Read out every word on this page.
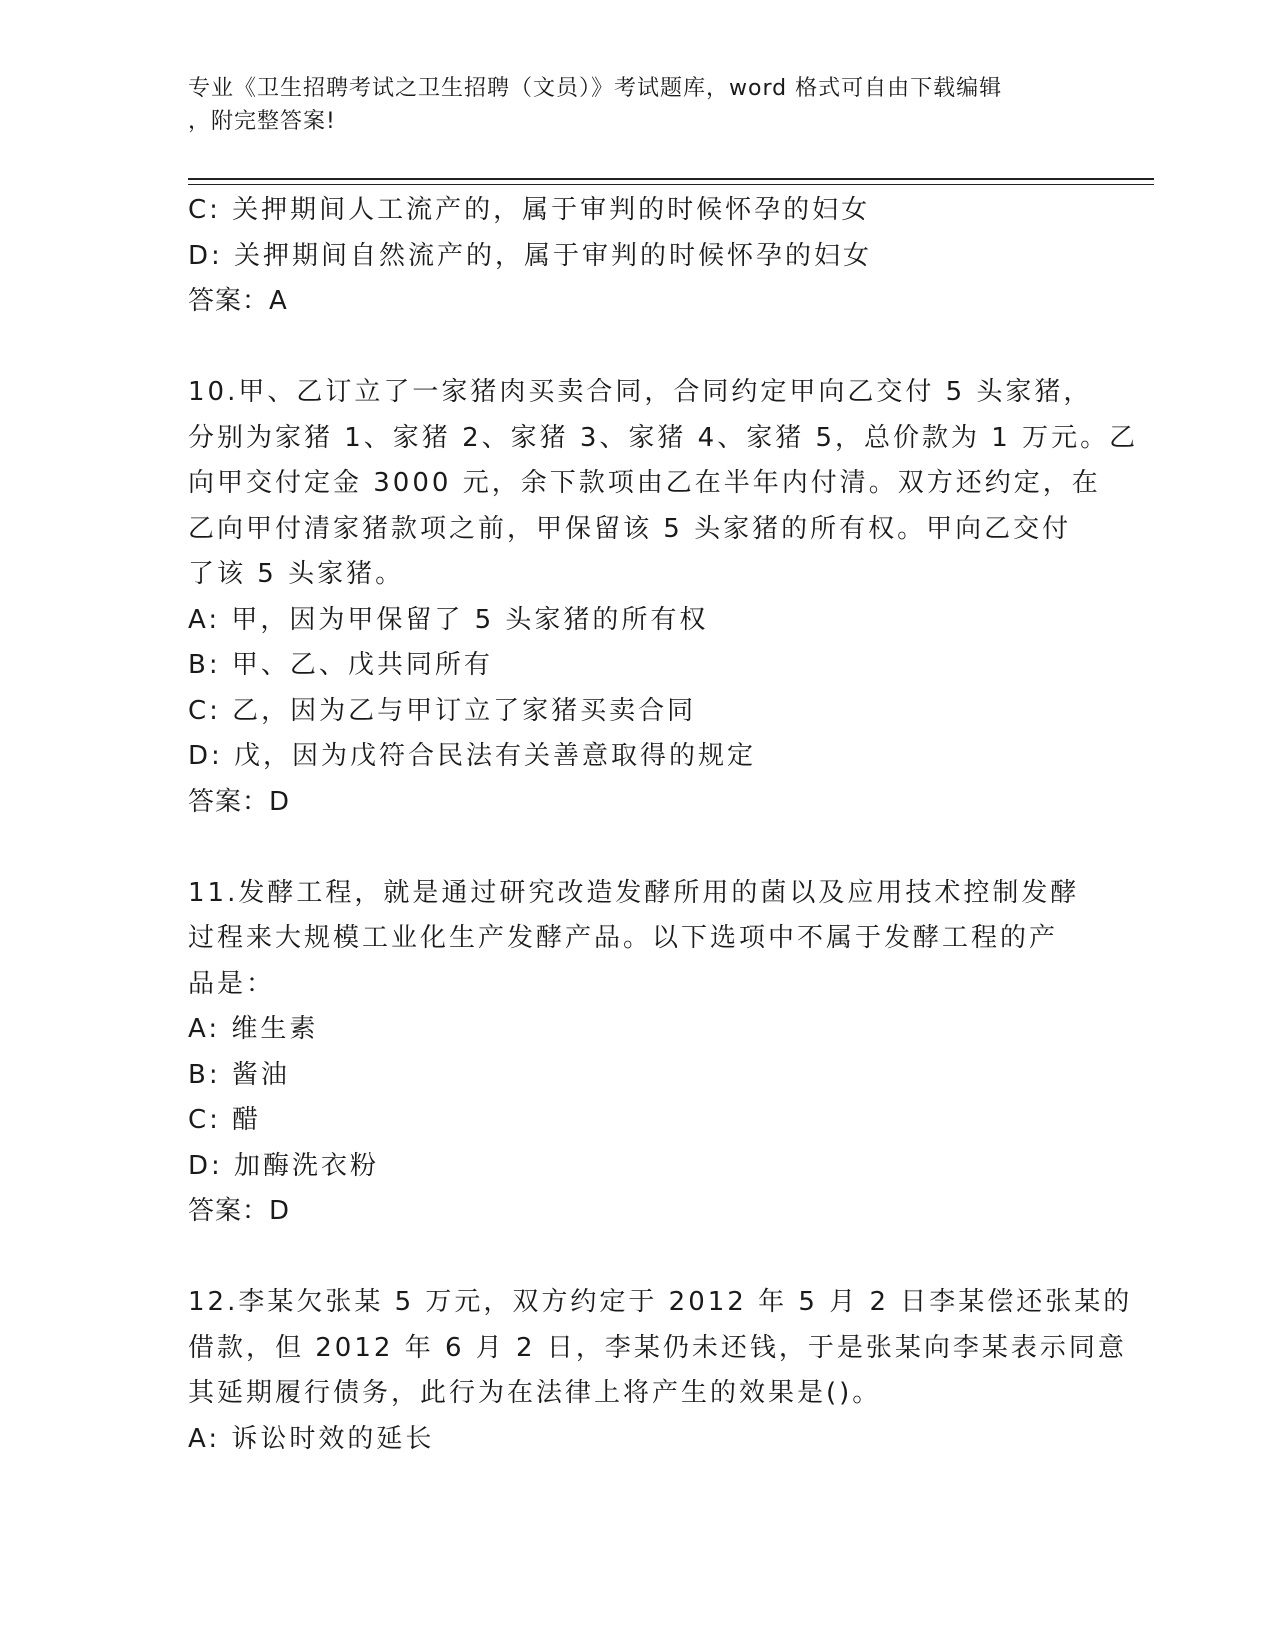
专业《卫生招聘考试之卫生招聘（文员）》考试题库，word 格式可自由下载编辑
，附完整答案!
C: 关押期间人工流产的，属于审判的时候怀孕的妇女
D: 关押期间自然流产的，属于审判的时候怀孕的妇女
答案：A
10.甲、乙订立了一家猪肉买卖合同，合同约定甲向乙交付 5 头家猪，
分别为家猪 1、家猪 2、家猪 3、家猪 4、家猪 5，总价款为 1 万元。乙
向甲交付定金 3000 元，余下款项由乙在半年内付清。双方还约定，在
乙向甲付清家猪款项之前，甲保留该 5 头家猪的所有权。甲向乙交付
了该 5 头家猪。
A: 甲，因为甲保留了 5 头家猪的所有权
B: 甲、乙、戊共同所有
C: 乙，因为乙与甲订立了家猪买卖合同
D: 戊，因为戊符合民法有关善意取得的规定
答案：D
11.发酵工程，就是通过研究改造发酵所用的菌以及应用技术控制发酵
过程来大规模工业化生产发酵产品。以下选项中不属于发酵工程的产
品是：
A: 维生素
B: 酱油
C: 醋
D: 加酶洗衣粉
答案：D
12.李某欠张某 5 万元，双方约定于 2012 年 5 月 2 日李某偿还张某的
借款，但 2012 年 6 月 2 日，李某仍未还钱，于是张某向李某表示同意
其延期履行债务，此行为在法律上将产生的效果是()。
A: 诉讼时效的延长
